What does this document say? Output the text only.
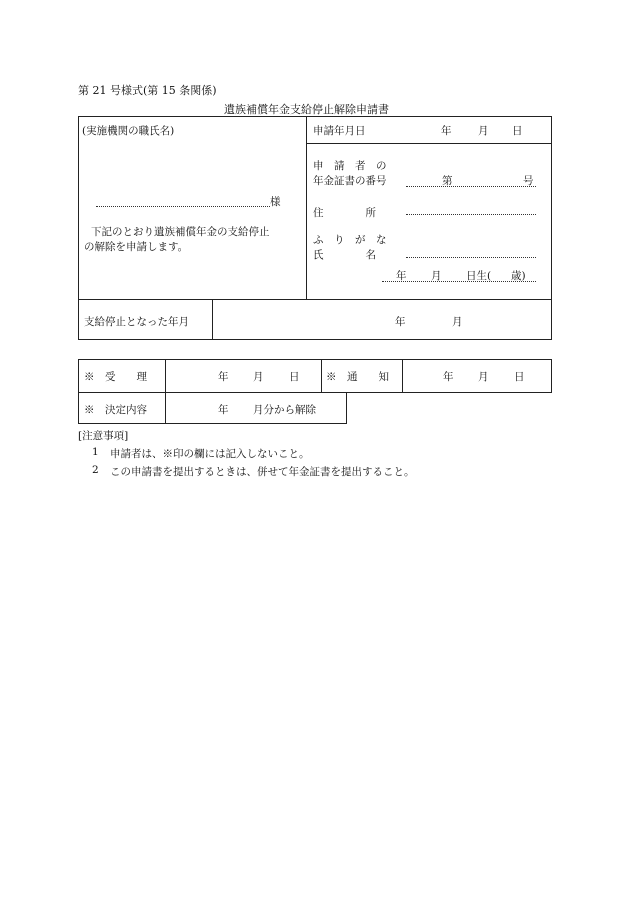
第 21 号様式(第 15 条関係)
遺族補償年金支給停止解除申請書
(実施機関の職氏名)
様
下記のとおり遺族補償年金の支給停止
の解除を申請します。
申請年月日	年	月 日
申　請　者　の
年金証書の番号	第	号
住　　　　所
ふ　り　が　な
氏　　　　名
年 月 日生( 歳)
支給停止となった年月	年	月
※　受　　理	年 月 日	※　通　　知	年 月 日
※　決定内容	年 月分から解除
[注意事項]
1 申請者は、※印の欄には記入しないこと。
2 この申請書を提出するときは、併せて年金証書を提出すること。
